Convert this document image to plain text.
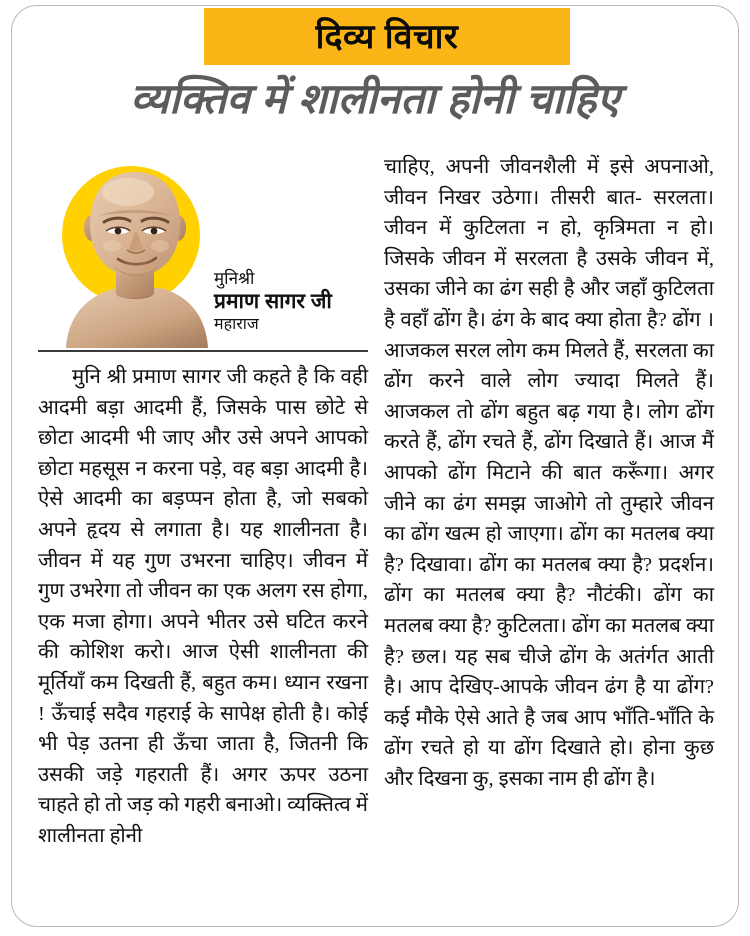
दिव्य विचार
व्यक्तिव में शालीनता होनी चाहिए
मुनिश्री
प्रमाण सागर जी
महाराज

मुनि श्री प्रमाण सागर जी कहते है कि वही आदमी बड़ा आदमी हैं, जिसके पास छोटे से छोटा आदमी भी जाए और उसे अपने आपको छोटा महसूस न करना पड़े, वह बड़ा आदमी है। ऐसे आदमी का बड़प्पन होता है, जो सबको अपने हृदय से लगाता है। यह शालीनता है। जीवन में यह गुण उभरना चाहिए। जीवन में गुण उभरेगा तो जीवन का एक अलग रस होगा, एक मजा होगा। अपने भीतर उसे घटित करने की कोशिश करो। आज ऐसी शालीनता की मूर्तियाँ कम दिखती हैं, बहुत कम। ध्यान रखना ! ऊँचाई सदैव गहराई के सापेक्ष होती है। कोई भी पेड़ उतना ही ऊँचा जाता है, जितनी कि उसकी जड़े गहराती हैं। अगर ऊपर उठना चाहते हो तो जड़ को गहरी बनाओ। व्यक्तित्व में शालीनता होनी

चाहिए, अपनी जीवनशैली में इसे अपनाओ, जीवन निखर उठेगा। तीसरी बात- सरलता। जीवन में कुटिलता न हो, कृत्रिमता न हो। जिसके जीवन में सरलता है उसके जीवन में, उसका जीने का ढंग सही है और जहाँ कुटिलता है वहाँ ढोंग है। ढंग के बाद क्या होता है? ढोंग । आजकल सरल लोग कम मिलते हैं, सरलता का ढोंग करने वाले लोग ज्यादा मिलते हैं। आजकल तो ढोंग बहुत बढ़ गया है। लोग ढोंग करते हैं, ढोंग रचते हैं, ढोंग दिखाते हैं। आज मैं आपको ढोंग मिटाने की बात करूँगा। अगर जीने का ढंग समझ जाओगे तो तुम्हारे जीवन का ढोंग खत्म हो जाएगा। ढोंग का मतलब क्या है? दिखावा। ढोंग का मतलब क्या है? प्रदर्शन। ढोंग का मतलब क्या है? नौटंकी। ढोंग का मतलब क्या है? कुटिलता। ढोंग का मतलब क्या है? छल। यह सब चीजे ढोंग के अतंर्गत आती है। आप देखिए-आपके जीवन ढंग है या ढोंग? कई मौके ऐसे आते है जब आप भाँति-भाँति के ढोंग रचते हो या ढोंग दिखाते हो। होना कुछ और दिखना कु, इसका नाम ही ढोंग है।
